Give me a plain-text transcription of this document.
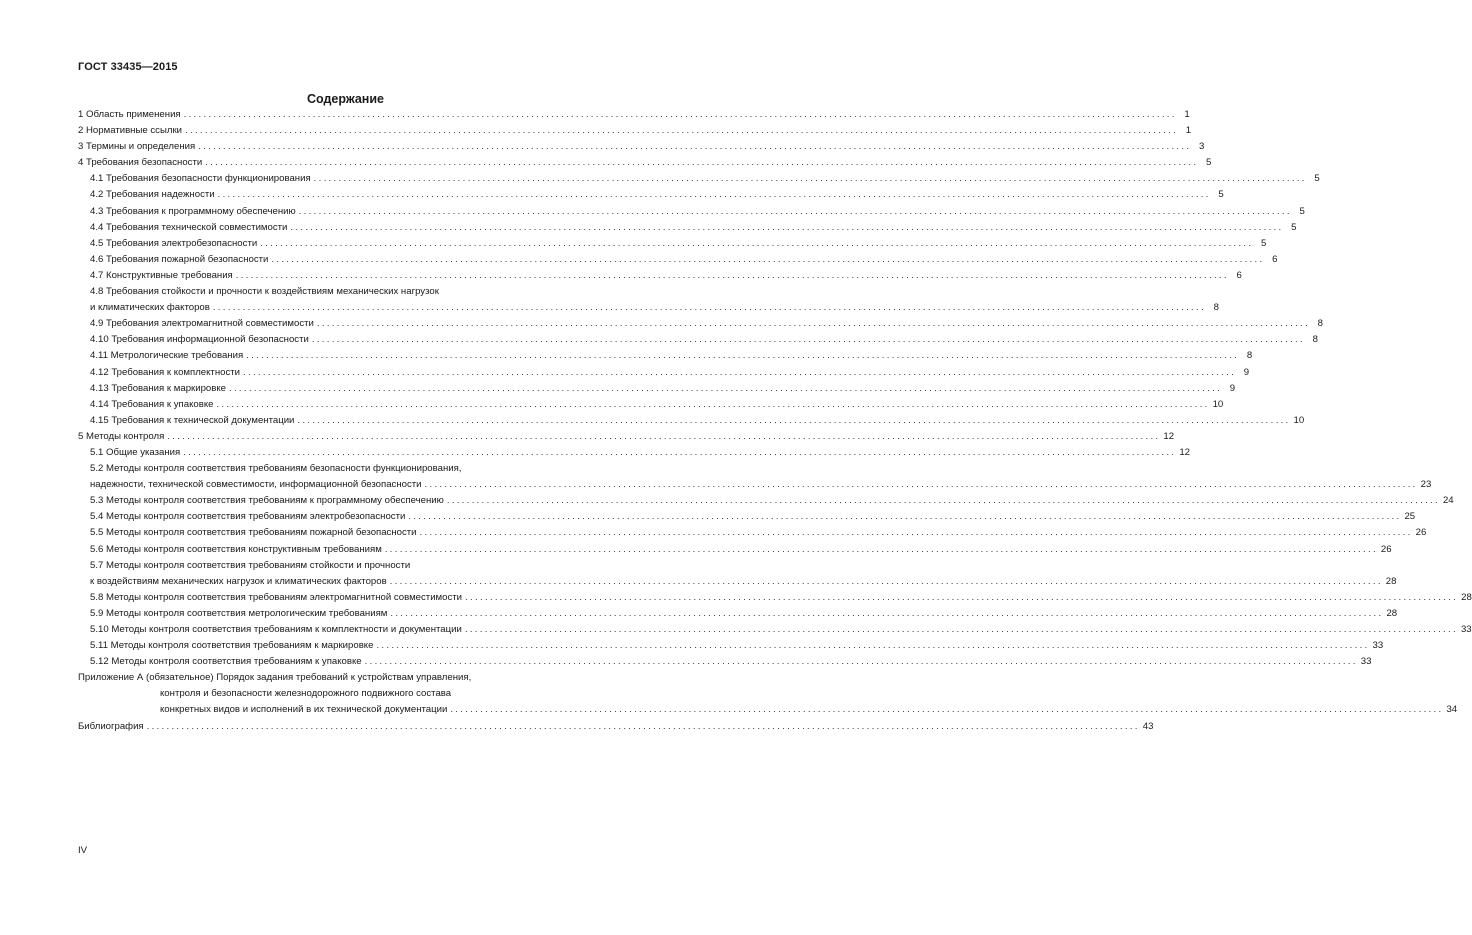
ГОСТ 33435—2015
Содержание
1 Область применения ........................................................................................................................................................................................................ 1
2 Нормативные ссылки ........................................................................................................................................................................................................ 1
3 Термины и определения ........................................................................................................................................................................................................ 3
4 Требования безопасности ........................................................................................................................................................................................................ 5
4.1 Требования безопасности функционирования ........................................................................................................................................................................................................ 5
4.2 Требования надежности ........................................................................................................................................................................................................ 5
4.3 Требования к программному обеспечению ........................................................................................................................................................................................................ 5
4.4 Требования технической совместимости ........................................................................................................................................................................................................ 5
4.5 Требования электробезопасности ........................................................................................................................................................................................................ 5
4.6 Требования пожарной безопасности ........................................................................................................................................................................................................ 6
4.7 Конструктивные требования ........................................................................................................................................................................................................ 6
4.8 Требования стойкости и прочности к воздействиям механических нагрузок
и климатических факторов ........................................................................................................................................................................................................ 8
4.9 Требования электромагнитной совместимости ........................................................................................................................................................................................................ 8
4.10 Требования информационной безопасности ........................................................................................................................................................................................................ 8
4.11 Метрологические требования ........................................................................................................................................................................................................ 8
4.12 Требования к комплектности ........................................................................................................................................................................................................ 9
4.13 Требования к маркировке ........................................................................................................................................................................................................ 9
4.14 Требования к упаковке ........................................................................................................................................................................................................ 10
4.15 Требования к технической документации ........................................................................................................................................................................................................ 10
5 Методы контроля ........................................................................................................................................................................................................ 12
5.1 Общие указания ........................................................................................................................................................................................................ 12
5.2 Методы контроля соответствия требованиям безопасности функционирования,
надежности, технической совместимости, информационной безопасности ........................................................................................................................................................................................................ 23
5.3 Методы контроля соответствия требованиям к программному обеспечению ........................................................................................................................................................................................................ 24
5.4 Методы контроля соответствия требованиям электробезопасности ........................................................................................................................................................................................................ 25
5.5 Методы контроля соответствия требованиям пожарной безопасности ........................................................................................................................................................................................................ 26
5.6 Методы контроля соответствия конструктивным требованиям ........................................................................................................................................................................................................ 26
5.7 Методы контроля соответствия требованиям стойкости и прочности
к воздействиям механических нагрузок и климатических факторов ........................................................................................................................................................................................................ 28
5.8 Методы контроля соответствия требованиям электромагнитной совместимости ........................................................................................................................................................................................................ 28
5.9 Методы контроля соответствия метрологическим требованиям ........................................................................................................................................................................................................ 28
5.10 Методы контроля соответствия требованиям к комплектности и документации ........................................................................................................................................................................................................ 33
5.11 Методы контроля соответствия требованиям к маркировке ........................................................................................................................................................................................................ 33
5.12 Методы контроля соответствия требованиям к упаковке ........................................................................................................................................................................................................ 33
Приложение А (обязательное) Порядок задания требований к устройствам управления,
контроля и безопасности железнодорожного подвижного состава
конкретных видов и исполнений в их технической документации ........................................................................................................................................................................................................ 34
Библиография ........................................................................................................................................................................................................ 43
IV
